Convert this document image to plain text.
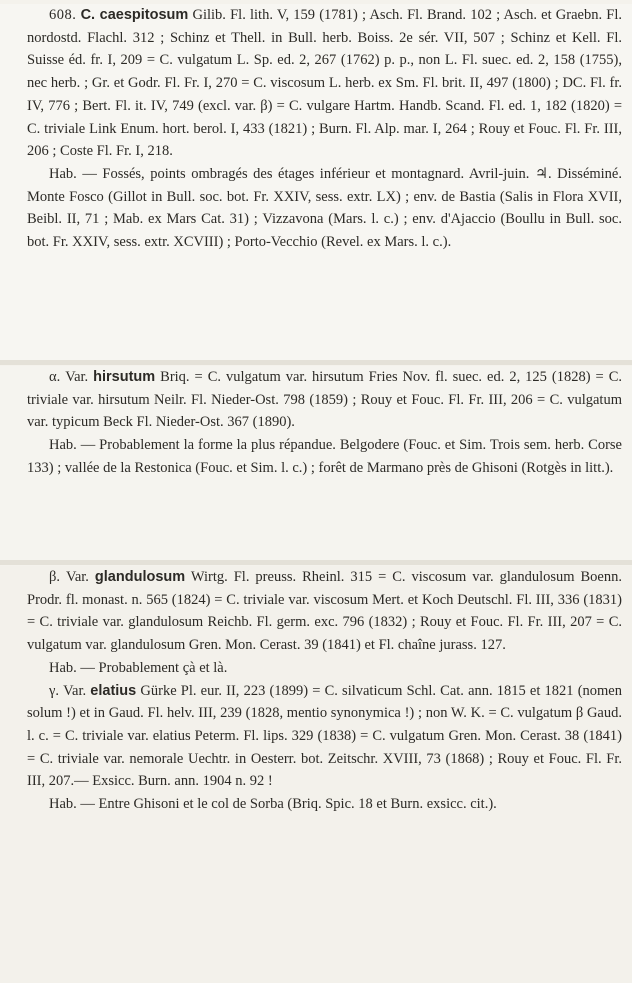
608. C. caespitosum Gilib. Fl. lith. V, 159 (1781) ; Asch. Fl. Brand. 102 ; Asch. et Graebn. Fl. nordostd. Flachl. 312 ; Schinz et Thell. in Bull. herb. Boiss. 2e sér. VII, 507 ; Schinz et Kell. Fl. Suisse éd. fr. I, 209 = C. vulgatum L. Sp. ed. 2, 267 (1762) p. p., non L. Fl. suec. ed. 2, 158 (1755), nec herb. ; Gr. et Godr. Fl. Fr. I, 270 = C. viscosum L. herb. ex Sm. Fl. brit. II, 497 (1800) ; DC. Fl. fr. IV, 776 ; Bert. Fl. it. IV, 749 (excl. var. β) = C. vulgare Hartm. Handb. Scand. Fl. ed. 1, 182 (1820) = C. triviale Link Enum. hort. berol. I, 433 (1821) ; Burn. Fl. Alp. mar. I, 264 ; Rouy et Fouc. Fl. Fr. III, 206 ; Coste Fl. Fr. I, 218.

Hab. — Fossés, points ombragés des étages inférieur et montagnard. Avril-juin. ♃. Disséminé. Monte Fosco (Gillot in Bull. soc. bot. Fr. XXIV, sess. extr. LX) ; env. de Bastia (Salis in Flora XVII, Beibl. II, 71 ; Mab. ex Mars Cat. 31) ; Vizzavona (Mars. l. c.) ; env. d'Ajaccio (Boullu in Bull. soc. bot. Fr. XXIV, sess. extr. XCVIII) ; Porto-Vecchio (Revel. ex Mars. l. c.).

α. Var. hirsutum Briq. = C. vulgatum var. hirsutum Fries Nov. fl. suec. ed. 2, 125 (1828) = C. triviale var. hirsutum Neilr. Fl. Nieder-Ost. 798 (1859) ; Rouy et Fouc. Fl. Fr. III, 206 = C. vulgatum var. typicum Beck Fl. Nieder-Ost. 367 (1890).

Hab. — Probablement la forme la plus répandue. Belgodere (Fouc. et Sim. Trois sem. herb. Corse 133) ; vallée de la Restonica (Fouc. et Sim. l. c.) ; forêt de Marmano près de Ghisoni (Rotgès in litt.).

β. Var. glandulosum Wirtg. Fl. preuss. Rheinl. 315 = C. viscosum var. glandulosum Boenn. Prodr. fl. monast. n. 565 (1824) = C. triviale var. viscosum Mert. et Koch Deutschl. Fl. III, 336 (1831) = C. triviale var. glandulosum Reichb. Fl. germ. exc. 796 (1832) ; Rouy et Fouc. Fl. Fr. III, 207 = C. vulgatum var. glandulosum Gren. Mon. Cerast. 39 (1841) et Fl. chaîne jurass. 127.

Hab. — Probablement çà et là.

γ. Var. elatius Gürke Pl. eur. II, 223 (1899) = C. silvaticum Schl. Cat. ann. 1815 et 1821 (nomen solum !) et in Gaud. Fl. helv. III, 239 (1828, mentio synonymica !) ; non W. K. = C. vulgatum β Gaud. l. c. = C. triviale var. elatius Peterm. Fl. lips. 329 (1838) = C. vulgatum Gren. Mon. Cerast. 38 (1841) = C. triviale var. nemorale Uechtr. in Oesterr. bot. Zeitschr. XVIII, 73 (1868) ; Rouy et Fouc. Fl. Fr. III, 207.— Exsicc. Burn. ann. 1904 n. 92 !

Hab. — Entre Ghisoni et le col de Sorba (Briq. Spic. 18 et Burn. exsicc. cit.).
